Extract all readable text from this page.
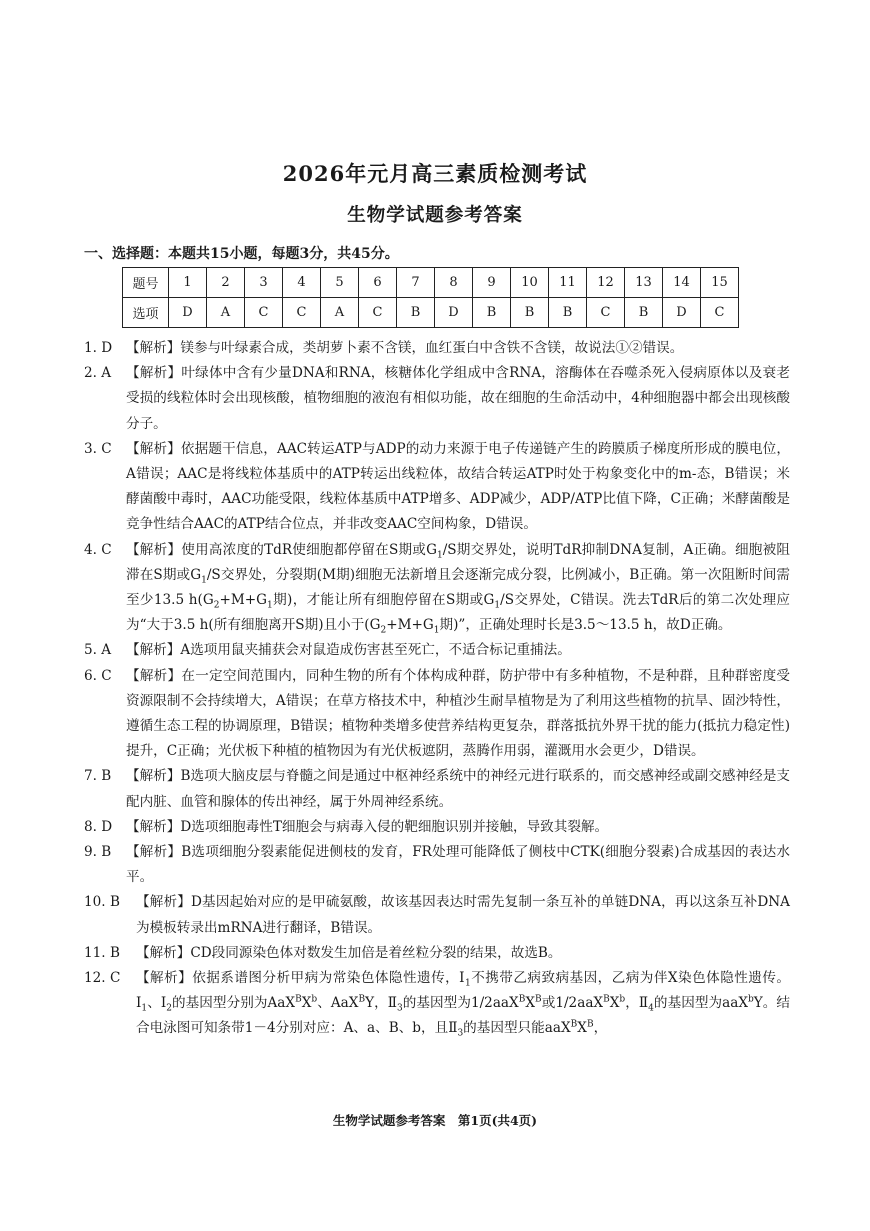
2026年元月高三素质检测考试
生物学试题参考答案
一、选择题：本题共15小题，每题3分，共45分。
题号	1	2	3	4	5	6	7	8	9	10	11	12	13	14	15
选项	D	A	C	C	A	C	B	D	B	B	B	C	B	D	C

1. D 【解析】镁参与叶绿素合成，类胡萝卜素不含镁，血红蛋白中含铁不含镁，故说法①②错误。

2. A 【解析】叶绿体中含有少量DNA和RNA，核糖体化学组成中含RNA，溶酶体在吞噬杀死入侵病原体以及衰老受损的线粒体时会出现核酸，植物细胞的液泡有相似功能，故在细胞的生命活动中，4种细胞器中都会出现核酸分子。

3. C 【解析】依据题干信息，AAC转运ATP与ADP的动力来源于电子传递链产生的跨膜质子梯度所形成的膜电位，A错误；AAC是将线粒体基质中的ATP转运出线粒体，故结合转运ATP时处于构象变化中的m-态，B错误；米酵菌酸中毒时，AAC功能受限，线粒体基质中ATP增多、ADP减少，ADP/ATP比值下降，C正确；米酵菌酸是竞争性结合AAC的ATP结合位点，并非改变AAC空间构象，D错误。

4. C 【解析】使用高浓度的TdR使细胞都停留在S期或$G_1/S$期交界处，说明TdR抑制DNA复制，A正确。细胞被阻滞在S期或$G_1/S$交界处，分裂期(M期)细胞无法新增且会逐渐完成分裂，比例减小，B正确。第一次阻断时间需至少13.5 $h(G_2+M+G_1$期)，才能让所有细胞停留在S期或$G_1/S$交界处，C错误。洗去TdR后的第二次处理应为“大于3.5 h(所有细胞离开S期)且小于($G_2+M+G_1$期)”，正确处理时长是3.5～13.5 h，故D正确。

5. A 【解析】A选项用鼠夹捕获会对鼠造成伤害甚至死亡，不适合标记重捕法。

6. C 【解析】在一定空间范围内，同种生物的所有个体构成种群，防护带中有多种植物，不是种群，且种群密度受资源限制不会持续增大，A错误；在草方格技术中，种植沙生耐旱植物是为了利用这些植物的抗旱、固沙特性，遵循生态工程的协调原理，B错误；植物种类增多使营养结构更复杂，群落抵抗外界干扰的能力(抵抗力稳定性)提升，C正确；光伏板下种植的植物因为有光伏板遮阴，蒸腾作用弱，灌溉用水会更少，D错误。

7. B 【解析】B选项大脑皮层与脊髓之间是通过中枢神经系统中的神经元进行联系的，而交感神经或副交感神经是支配内脏、血管和腺体的传出神经，属于外周神经系统。

8. D 【解析】D选项细胞毒性T细胞会与病毒入侵的靶细胞识别并接触，导致其裂解。

9. B 【解析】B选项细胞分裂素能促进侧枝的发育，FR处理可能降低了侧枝中CTK(细胞分裂素)合成基因的表达水平。

10. B 【解析】D基因起始对应的是甲硫氨酸，故该基因表达时需先复制一条互补的单链DNA，再以这条互补DNA为模板转录出mRNA进行翻译，B错误。

11. B 【解析】CD段同源染色体对数发生加倍是着丝粒分裂的结果，故选B。

12. C 【解析】依据系谱图分析甲病为常染色体隐性遗传，$Ⅰ_1$不携带乙病致病基因，乙病为伴X染色体隐性遗传。$Ⅰ_1$、$Ⅰ_2$的基因型分别为$AaX^BX^b$、AaX$^B$Y，$Ⅱ_3$的基因型为$1/2aaX^BX^B$或$1/2aaX^BX^b$，$Ⅱ_4$的基因型为aaX$^b$Y。结合电泳图可知条带1－4分别对应：A、a、B、b，且$Ⅱ_3$的基因型只能$aaX^BX^B$，

生物学试题参考答案　第1页(共4页)
